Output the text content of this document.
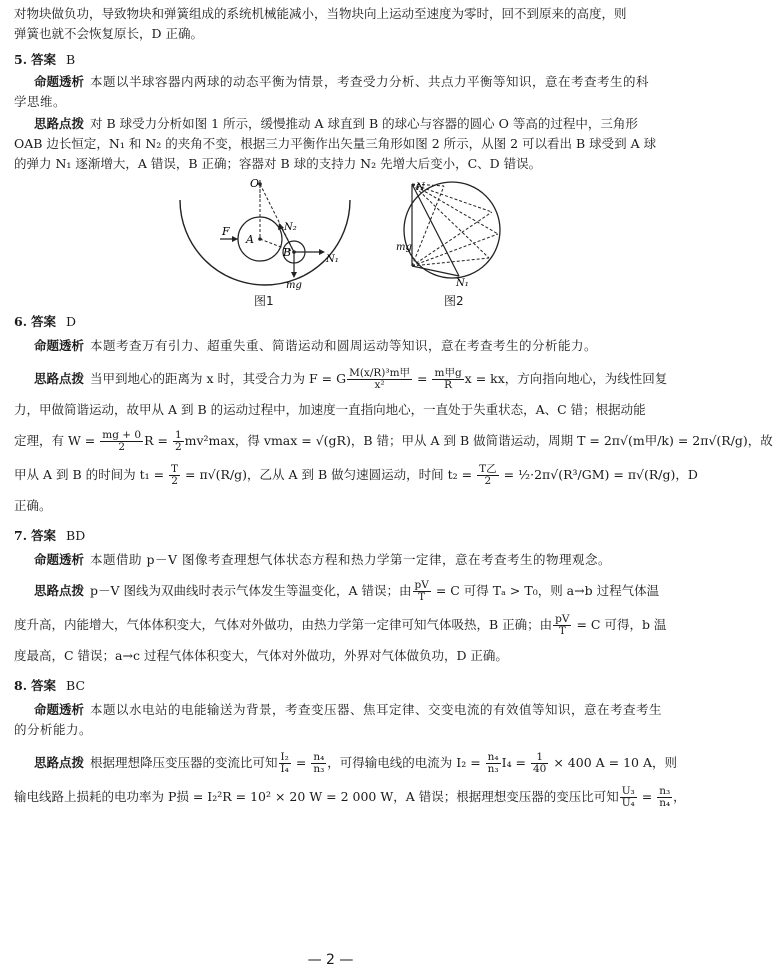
对物块做负功，导致物块和弹簧组成的系统机械能减小，当物块向上运动至速度为零时，回不到原来的高度，则
弹簧也就不会恢复原长，D 正确。
5. 答案 B
命题透析 本题以半球容器内两球的动态平衡为情景，考查受力分析、共点力平衡等知识，意在考查考生的科
学思维。
思路点拨 对 B 球受力分析如图 1 所示，缓慢推动 A 球直到 B 的球心与容器的圆心 O 等高的过程中，三角形
OAB 边长恒定，N₁ 和 N₂ 的夹角不变，根据三力平衡作出矢量三角形如图 2 所示，从图 2 可以看出 B 球受到 A 球
的弹力 N₁ 逐渐增大，A 错误，B 正确；容器对 B 球的支持力 N₂ 先增大后变小，C、D 错误。
O
F
A
B
N₂
N₁
mg
图1
N
mg
N₁
图2
6. 答案 D
命题透析 本题考查万有引力、超重失重、简谐运动和圆周运动等知识，意在考查考生的分析能力。
思路点拨 当甲到地心的距离为 x 时，其受合力为 F = G $\frac{\text{M(x/R)³m甲}}{\text{x²}} = \frac{\text{m甲g}}{R}$ x = kx，方向指向地心，为线性回复
力，甲做简谐运动，故甲从 A 到 B 的运动过程中，加速度一直指向地心，一直处于失重状态，A、C 错；根据动能
定理，有 $W = \frac{mg + 0}{2}$ $R = \frac{1}{2} mv^2\max$，得 vmax = √(gR)，B 错；甲从 A 到 B 做简谐运动，周期 T = 2π√(m甲/k) = 2π√(R/g)，故
甲从 A 到 B 的时间为 $t_1 = \frac{T}{2} = \pi√(R/g)$，乙从 A 到 B 做匀速圆运动，时间 $t_2 = \frac{\text{T乙}}{2}$ = ½·2π√(R³/GM) = π√(R/g)，D
正确。
7. 答案 BD
命题透析 本题借助 p－V 图像考查理想气体状态方程和热力学第一定律，意在考查考生的物理观念。
思路点拨 p－V 图线为双曲线时表示气体发生等温变化，A 错误；由 $\frac{pV}{T} = C$ 可得 Tₐ > T₀，则 a→b 过程气体温
度升高，内能增大，气体体积变大，气体对外做功，由热力学第一定律可知气体吸热，B 正确；由 $\frac{pV}{T} = C$ 可得，b 温
度最高，C 错误；a→c 过程气体体积变大，气体对外做功，外界对气体做负功，D 正确。
8. 答案 BC
命题透析 本题以水电站的电能输送为背景，考查变压器、焦耳定律、交变电流的有效值等知识，意在考查考生
的分析能力。
思路点拨 根据理想降压变压器的变流比可知 $\frac{\text{I₂}}{\text{I₄}} = \frac{\text{n₄}}{\text{n₃}}$ ，可得输电线的电流为 $I_2 = \frac{\text{n₄}}{\text{n₃}} I_4 = \frac{1}{40} \times 400$ A = 10 A，则
输电线路上损耗的电功率为 P损 = I₂²R = 10² × 20 W = 2 000 W，A 错误；根据理想变压器的变压比可知 $\frac{\text{U₃}}{\text{U₄}} = \frac{\text{n₃}}{\text{n₄}}$ ，
— 2 —
